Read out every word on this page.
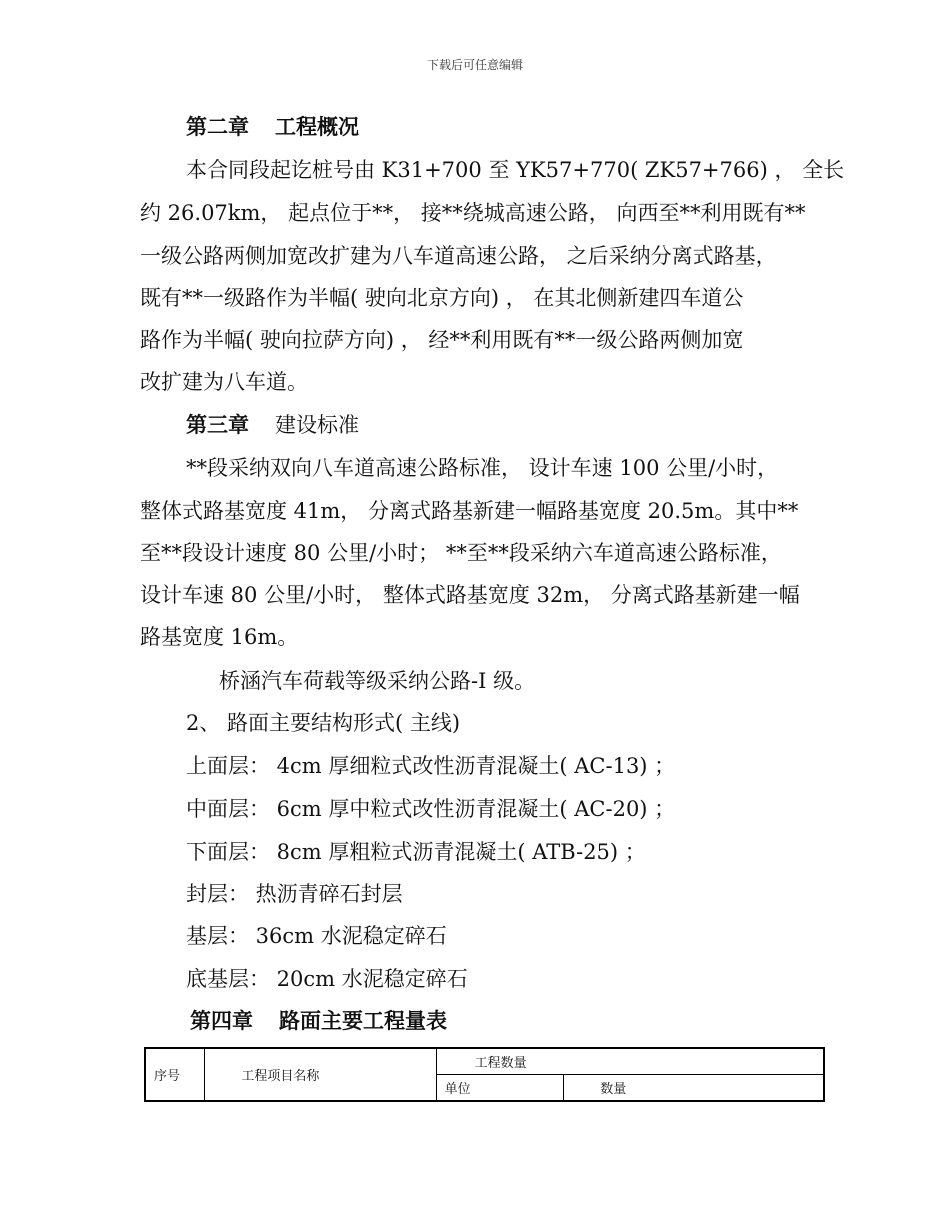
下载后可任意编辑
第二章 工程概况
本合同段起讫桩号由 K31+700 至 YK57+770( ZK57+766) ， 全长
约 26.07km， 起点位于**， 接**绕城高速公路， 向西至**利用既有**
一级公路两侧加宽改扩建为八车道高速公路， 之后采纳分离式路基，
既有**一级路作为半幅( 驶向北京方向) ， 在其北侧新建四车道公
路作为半幅( 驶向拉萨方向) ， 经**利用既有**一级公路两侧加宽
改扩建为八车道。
第三章 建设标准
**段采纳双向八车道高速公路标准， 设计车速 100 公里/小时，
整体式路基宽度 41m， 分离式路基新建一幅路基宽度 20.5m。其中**
至**段设计速度 80 公里/小时； **至**段采纳六车道高速公路标准，
设计车速 80 公里/小时， 整体式路基宽度 32m， 分离式路基新建一幅
路基宽度 16m。
桥涵汽车荷载等级采纳公路-I 级。
2、 路面主要结构形式( 主线)
上面层： 4cm 厚细粒式改性沥青混凝土( AC-13) ；
中面层： 6cm 厚中粒式改性沥青混凝土( AC-20) ；
下面层： 8cm 厚粗粒式沥青混凝土( ATB-25) ；
封层： 热沥青碎石封层
基层： 36cm 水泥稳定碎石
底基层： 20cm 水泥稳定碎石
第四章 路面主要工程量表
序号	工程项目名称	工程数量	
		单位	数量
